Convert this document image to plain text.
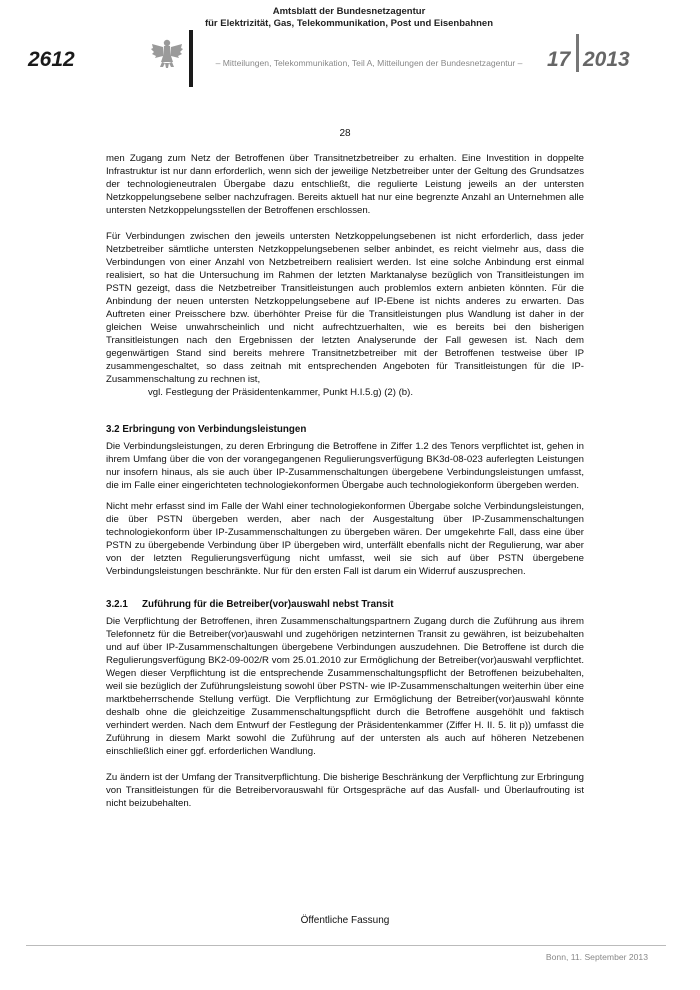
2612
Amtsblatt der Bundesnetzagentur
für Elektrizität, Gas, Telekommunikation, Post und Eisenbahnen
– Mitteilungen, Telekommunikation, Teil A, Mitteilungen der Bundesnetzagentur –	17 2013
28

men Zugang zum Netz der Betroffenen über Transitnetzbetreiber zu erhalten. Eine Investition in doppelte Infrastruktur ist nur dann erforderlich, wenn sich der jeweilige Netzbetreiber unter der Geltung des Grundsatzes der technologieneutralen Übergabe dazu entschließt, die regulierte Leistung jeweils an der untersten Netzkoppelungsebene selber nachzufragen. Bereits aktuell hat nur eine begrenzte Anzahl an Unternehmen alle untersten Netzkoppelungsstellen der Betroffenen erschlossen.

Für Verbindungen zwischen den jeweils untersten Netzkoppelungsebenen ist nicht erforderlich, dass jeder Netzbetreiber sämtliche untersten Netzkoppelungsebenen selber anbindet, es reicht vielmehr aus, dass die Verbindungen von einer Anzahl von Netzbetreibern realisiert werden. Ist eine solche Anbindung erst einmal realisiert, so hat die Untersuchung im Rahmen der letzten Marktanalyse bezüglich von Transitleistungen im PSTN gezeigt, dass die Netzbetreiber Transitleistungen auch problemlos extern anbieten könnten. Für die Anbindung der neuen untersten Netzkoppelungsebene auf IP-Ebene ist nichts anderes zu erwarten. Das Auftreten einer Preisschere bzw. überhöhter Preise für die Transitleistungen plus Wandlung ist daher in der gleichen Weise unwahrscheinlich und nicht aufrechtzuerhalten, wie es bereits bei den bisherigen Transitleistungen nach den Ergebnissen der letzten Analyserunde der Fall gewesen ist. Nach dem gegenwärtigen Stand sind bereits mehrere Transitnetzbetreiber mit der Betroffenen testweise über IP zusammengeschaltet, so dass zeitnah mit entsprechenden Angeboten für Transitleistungen für die IP-Zusammenschaltung zu rechnen ist,

vgl. Festlegung der Präsidentenkammer, Punkt H.I.5.g) (2) (b).

3.2 Erbringung von Verbindungsleistungen

Die Verbindungsleistungen, zu deren Erbringung die Betroffene in Ziffer 1.2 des Tenors verpflichtet ist, gehen in ihrem Umfang über die von der vorangegangenen Regulierungsverfügung BK3d-08-023 auferlegten Leistungen nur insofern hinaus, als sie auch über IP-Zusammenschaltungen übergebene Verbindungsleistungen umfasst, die im Falle einer eingerichteten technologiekonformen Übergabe auch technologiekonform übergeben werden.

Nicht mehr erfasst sind im Falle der Wahl einer technologiekonformen Übergabe solche Verbindungsleistungen, die über PSTN übergeben werden, aber nach der Ausgestaltung über IP-Zusammenschaltungen technologiekonform über IP-Zusammenschaltungen zu übergeben wären. Der umgekehrte Fall, dass eine über PSTN zu übergebende Verbindung über IP übergeben wird, unterfällt ebenfalls nicht der Regulierung, war aber von der letzten Regulierungsverfügung nicht umfasst, weil sie sich auf über PSTN übergebene Verbindungsleistungen beschränkte. Nur für den ersten Fall ist darum ein Widerruf auszusprechen.

3.2.1 Zuführung für die Betreiber(vor)auswahl nebst Transit

Die Verpflichtung der Betroffenen, ihren Zusammenschaltungspartnern Zugang durch die Zuführung aus ihrem Telefonnetz für die Betreiber(vor)auswahl und zugehörigen netzinternen Transit zu gewähren, ist beizubehalten und auf über IP-Zusammenschaltungen übergebene Verbindungen auszudehnen. Die Betroffene ist durch die Regulierungsverfügung BK2-09-002/R vom 25.01.2010 zur Ermöglichung der Betreiber(vor)auswahl verpflichtet. Wegen dieser Verpflichtung ist die entsprechende Zusammenschaltungspflicht der Betroffenen beizubehalten, weil sie bezüglich der Zuführungsleistung sowohl über PSTN- wie IP-Zusammenschaltungen weiterhin über eine marktbeherrschende Stellung verfügt. Die Verpflichtung zur Ermöglichung der Betreiber(vor)auswahl könnte deshalb ohne die gleichzeitige Zusammenschaltungspflicht durch die Betroffene ausgehöhlt und faktisch verhindert werden. Nach dem Entwurf der Festlegung der Präsidentenkammer (Ziffer H. II. 5. lit p)) umfasst die Zuführung in diesem Markt sowohl die Zuführung auf der untersten als auch auf höheren Netzebenen einschließlich einer ggf. erforderlichen Wandlung.

Zu ändern ist der Umfang der Transitverpflichtung. Die bisherige Beschränkung der Verpflichtung zur Erbringung von Transitleistungen für die Betreibervorauswahl für Ortsgespräche auf das Ausfall- und Überlaufrouting ist nicht beizubehalten.

Öffentliche Fassung
Bonn, 11. September 2013
